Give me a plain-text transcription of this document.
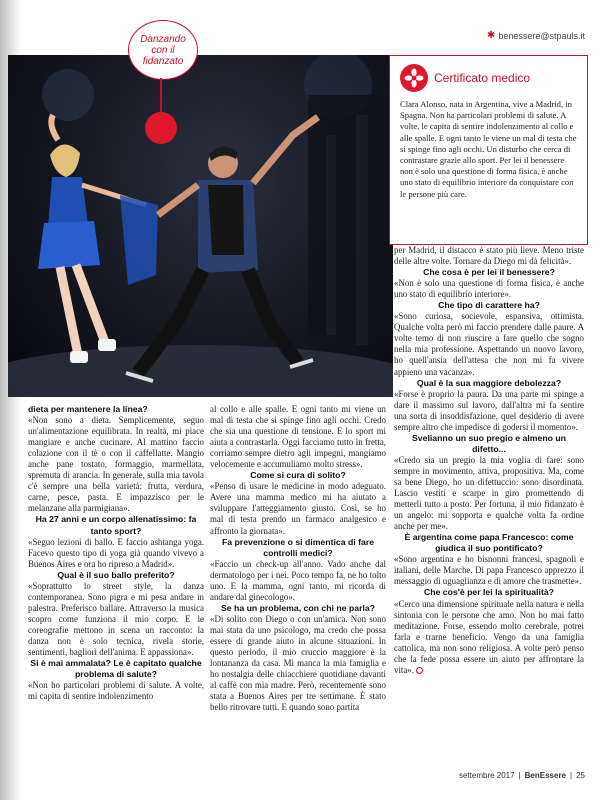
Danzando con il fidanzato
✱ benessere@stpauls.it
Certificato medico

Clara Alonso, nata in Argentina, vive a Madrid, in Spagna. Non ha particolari problemi di salute. A volte, le capita di sentire indolenzimento al collo e alle spalle. E ogni tanto le viene un mal di testa che si spinge fino agli occhi. Un disturbo che cerca di contrastare grazie allo sport. Per lei il benessere non è solo una questione di forma fisica, è anche uno stato di equilibrio interiore da conquistare con le persone più care.

dieta per mantenere la linea?

«Non sono a dieta. Semplicemente, seguo un'alimentazione equilibrata. In realtà, mi piace mangiare e anche cucinare. Al mattino faccio colazione con il tè o con il caffellatte. Mangio anche pane tostato, formaggio, marmellata, spremuta di arancia. In generale, sulla mia tavola c'è sempre una bella varietà: frutta, verdura, carne, pesce, pasta. E impazzisco per le melanzane alla parmigiana».

Ha 27 anni e un corpo allenatissimo: fa tanto sport?

«Seguo lezioni di ballo. E faccio ashtanga yoga. Facevo questo tipo di yoga già quando vivevo a Buenos Aires e ora ho ripreso a Madrid».

Qual è il suo ballo preferito?

«Soprattutto lo street style, la danza contemporanea. Sono pigra e mi pesa andare in palestra. Preferisco ballare. Attraverso la musica scopro come funziona il mio corpo. E le coreografie mettono in scena un racconto: la danza non è solo tecnica, rivela storie, sentimenti, bagliori dell'anima. E appassiona».

Si è mai ammalata? Le è capitato qualche problema di salute?

«Non ho particolari problemi di salute. A volte, mi capita di sentire indolenzimento

al collo e alle spalle. E ogni tanto mi viene un mal di testa che si spinge fino agli occhi. Credo che sia una questione di tensione. E lo sport mi aiuta a contrastarla. Oggi facciamo tutto in fretta, corriamo sempre dietro agli impegni, mangiamo velocemente e accumuliamo molto stress».

Come si cura di solito?

«Penso di usare le medicine in modo adeguato. Avere una mamma medico mi ha aiutato a sviluppare l'atteggiamento giusto. Così, se ho mal di testa prendo un farmaco analgesico e affronto la giornata».

Fa prevenzione o si dimentica di fare controlli medici?

«Faccio un check-up all'anno. Vado anche dal dermatologo per i nei. Poco tempo fa, ne ho tolto uno. E la mamma, ogni tanto, mi ricorda di andare dal ginecologo».

Se ha un problema, con chi ne parla?

«Di solito con Diego o con un'amica. Non sono mai stata da uno psicologo, ma credo che possa essere di grande aiuto in alcune situazioni. In questo periodo, il mio cruccio maggiore è la lontananza da casa. Mi manca la mia famiglia e ho nostalgia delle chiacchiere quotidiane davanti al caffè con mia madre. Però, recentemente sono stata a Buenos Aires per tre settimane. È stato bello ritrovare tutti. E quando sono partita

per Madrid, il distacco è stato più lieve. Meno triste delle altre volte. Tornare da Diego mi dà felicità».

Che cosa è per lei il benessere?

«Non è solo una questione di forma fisica, è anche uno stato di equilibrio interiore».

Che tipo di carattere ha?

«Sono curiosa, socievole, espansiva, ottimista. Qualche volta però mi faccio prendere dalle paure. A volte temo di non riuscire a fare quello che sogno nella mia professione. Aspettando un nuovo lavoro, ho quell'ansia dell'attesa che non mi fa vivere appieno una vacanza».

Qual è la sua maggiore debolezza?

«Forse è proprio la paura. Da una parte mi spinge a dare il massimo sul lavoro, dall'altra mi fa sentire una sorta di insoddisfazione, quel desiderio di avere sempre altro che impedisce di godersi il momento».

Svelianno un suo pregio e almeno un difetto...

«Credo sia un pregio la mia voglia di fare: sono sempre in movimento, attiva, propositiva. Ma, come sa bene Diego, ho un difettuccio: sono disordinata. Lascio vestiti e scarpe in giro promettendo di metterli tutto a posto. Per fortuna, il mio fidanzato è un angelo: mi sopporta e qualche volta fa ordine anche per me».

È argentina come papa Francesco: come giudica il suo pontificato?

«Sono argentina e ho bisnonni francesi, spagnoli e italiani, delle Marche. Di papa Francesco apprezzo il messaggio di uguaglianza e di amore che trasmette».

Che cos'è per lei la spiritualità?

«Cerco una dimensione spirituale nella natura e nella sintonia con le persone che amo. Non ho mai fatto meditazione. Forse, essendo molto cerebrale, potrei farla e trarne beneficio. Vengo da una famiglia cattolica, ma non sono religiosa. A volte però penso che la fede possa essere un aiuto per affrontare la vita».

settembre 2017 | BenEssere | 25
